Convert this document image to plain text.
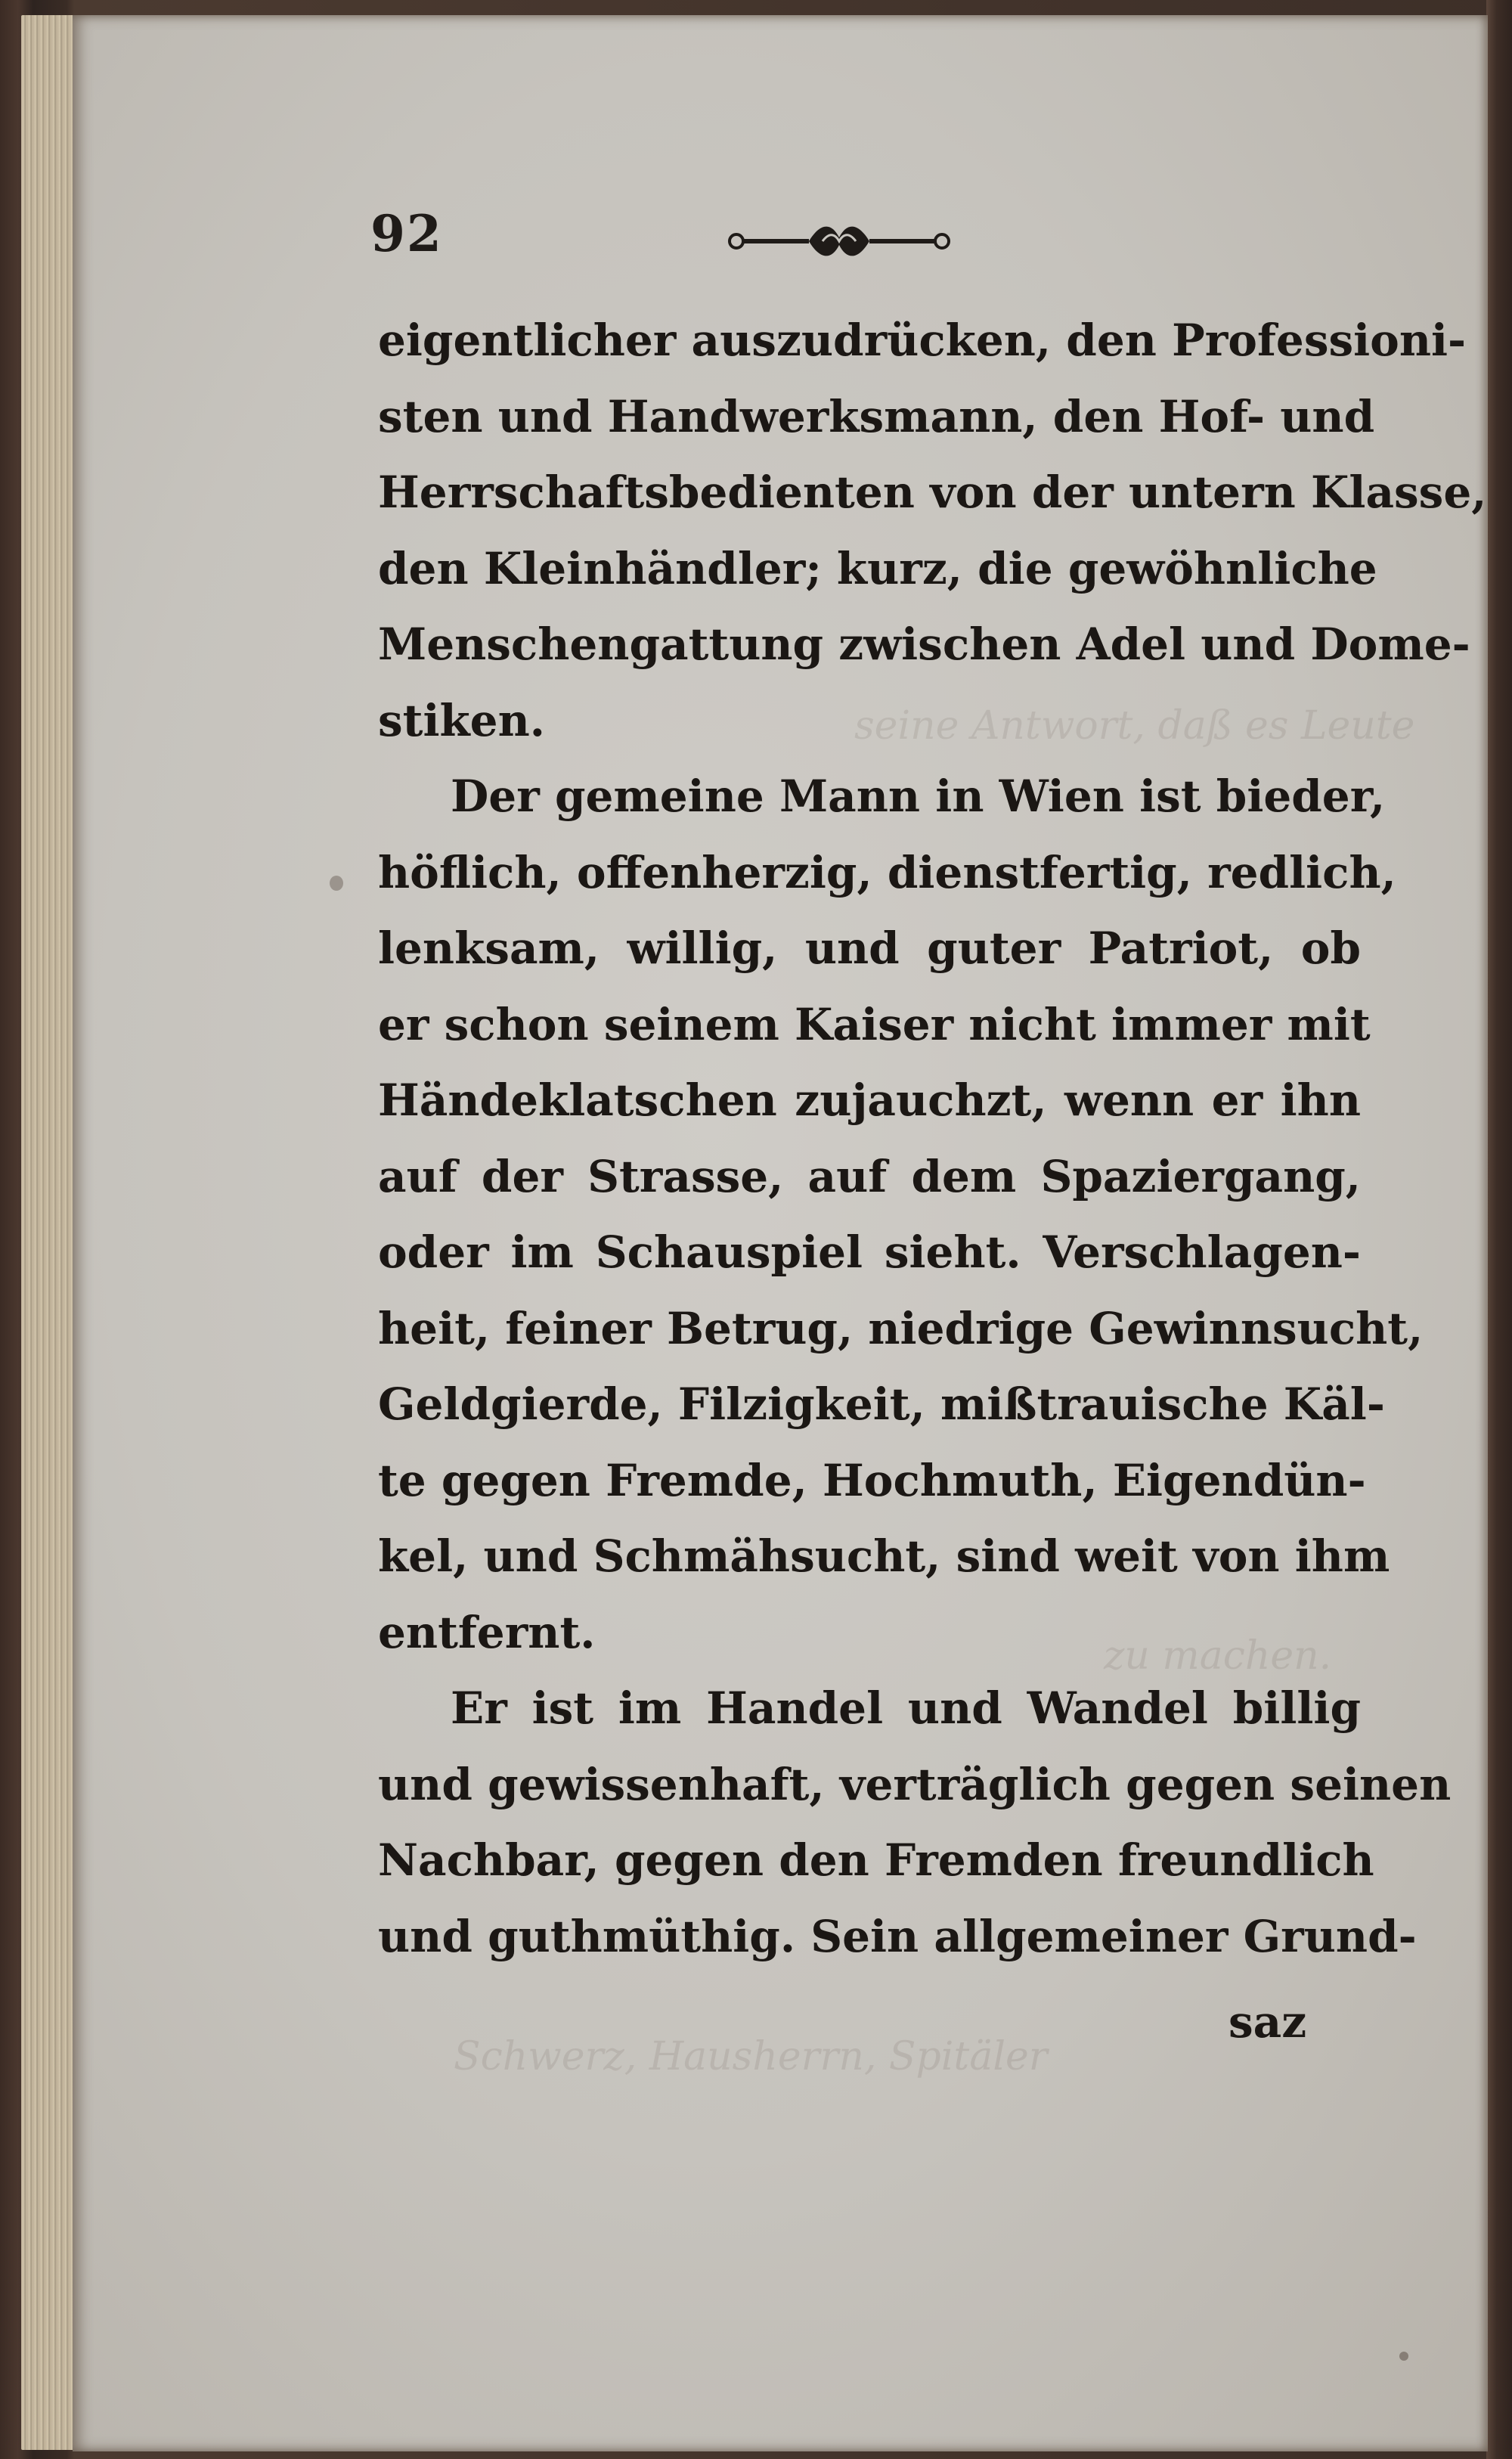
92
eigentlicher auszudrücken, den Professioni-
sten und Handwerksmann, den Hof- und
Herrschaftsbedienten von der untern Klasse,
den Kleinhändler; kurz, die gewöhnliche
Menschengattung zwischen Adel und Dome-
stiken.
Der gemeine Mann in Wien ist bieder,
höflich, offenherzig, dienstfertig, redlich,
lenksam, willig, und guter Patriot, ob
er schon seinem Kaiser nicht immer mit
Händeklatschen zujauchzt, wenn er ihn
auf der Strasse, auf dem Spaziergang,
oder im Schauspiel sieht. Verschlagen-
heit, feiner Betrug, niedrige Gewinnsucht,
Geldgierde, Filzigkeit, mißtrauische Käl-
te gegen Fremde, Hochmuth, Eigendün-
kel, und Schmähsucht, sind weit von ihm
entfernt.
Er ist im Handel und Wandel billig
und gewissenhaft, verträglich gegen seinen
Nachbar, gegen den Fremden freundlich
und guthmüthig. Sein allgemeiner Grund-
saz
